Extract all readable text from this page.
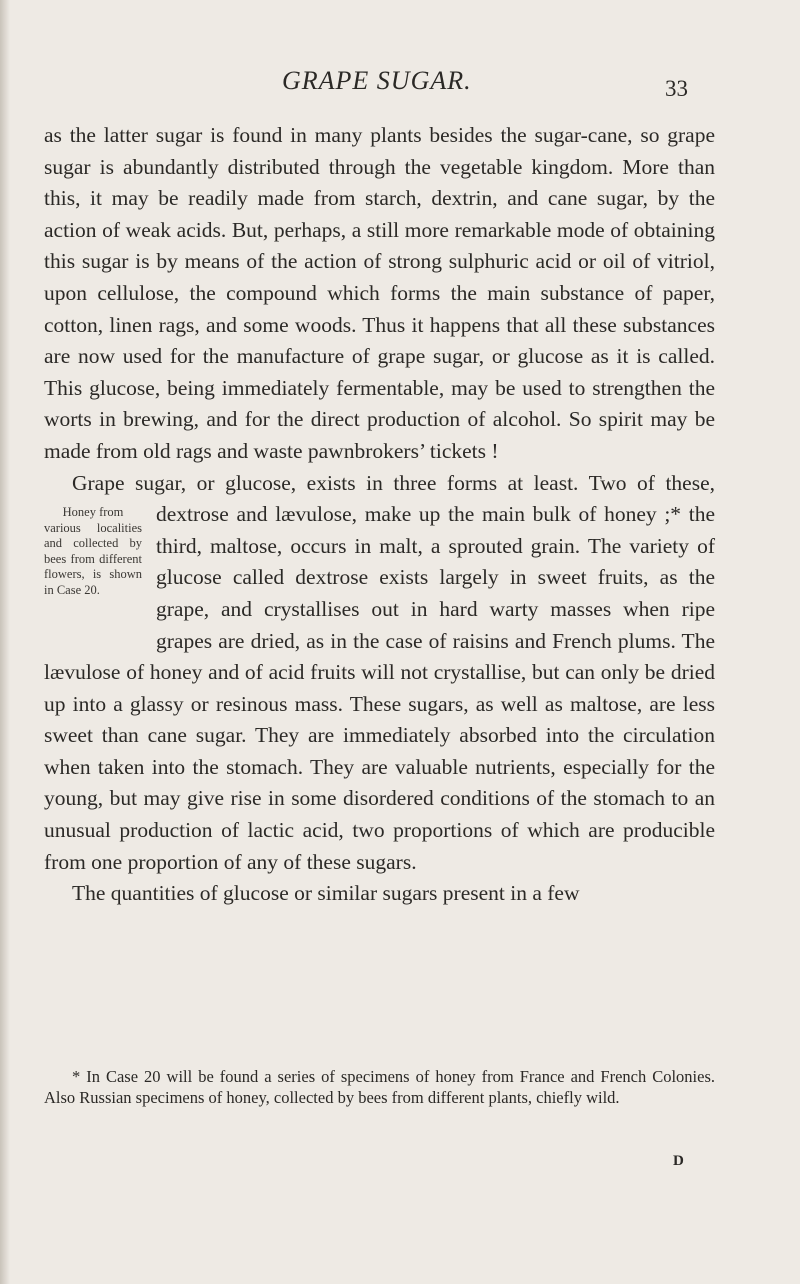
GRAPE SUGAR.	33

as the latter sugar is found in many plants besides the sugar-cane, so grape sugar is abundantly distributed through the vegetable kingdom. More than this, it may be readily made from starch, dextrin, and cane sugar, by the action of weak acids. But, perhaps, a still more remarkable mode of obtaining this sugar is by means of the action of strong sulphuric acid or oil of vitriol, upon cellulose, the compound which forms the main substance of paper, cotton, linen rags, and some woods. Thus it happens that all these substances are now used for the manufacture of grape sugar, or glucose as it is called. This glucose, being immediately fermentable, may be used to strengthen the worts in brewing, and for the direct production of alcohol. So spirit may be made from old rags and waste pawnbrokers’ tickets !

Grape sugar, or glucose, exists in three forms at least. Two of these, dextrose and lævulose, make up the main bulk of honey ;* the third, maltose, occurs in malt, a sprouted grain. The variety of glucose called dextrose exists largely in sweet fruits, as the grape, and crystallises out in hard warty masses when ripe grapes are dried, as in the case of raisins and French plums. The lævulose of honey and of acid fruits will not crystallise, but can only be dried up into a glassy or resinous mass. These sugars, as well as maltose, are less sweet than cane sugar. They are immediately absorbed into the circulation when taken into the stomach. They are valuable nutrients, especially for the young, but may give rise in some disordered conditions of the stomach to an unusual production of lactic acid, two proportions of which are producible from one proportion of any of these sugars.

The quantities of glucose or similar sugars present in a few

Honey from
various localities and collected by bees from different flowers, is shown in Case 20.

* In Case 20 will be found a series of specimens of honey from France and French Colonies. Also Russian specimens of honey, collected by bees from different plants, chiefly wild.

D
